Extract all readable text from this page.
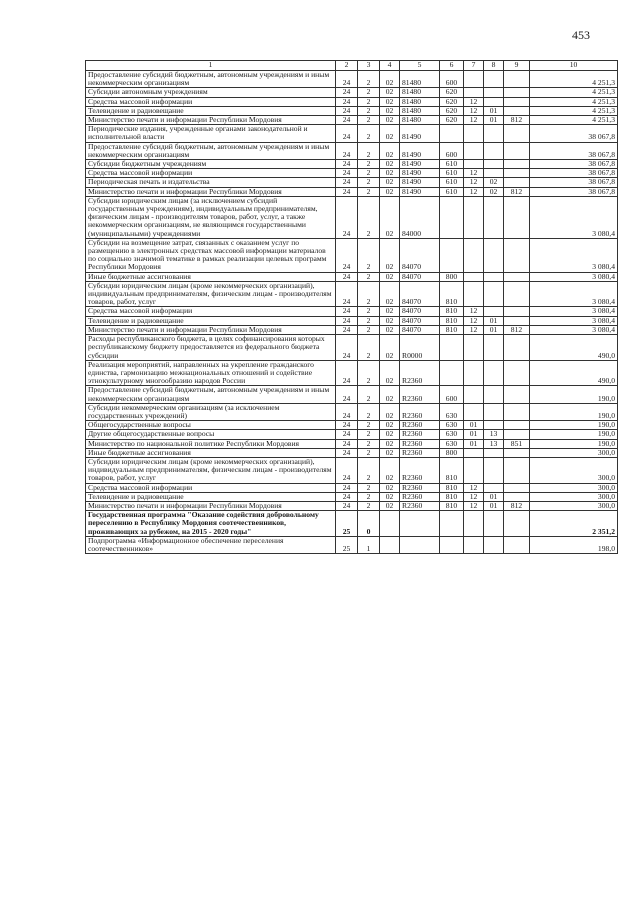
453
1	2	3	4	5	6	7	8	9	10
Предоставление субсидий бюджетным, автономным учреждениям и иным некоммерческим организациям	24	2	02	81480	600				4 251,3
Субсидии автономным учреждениям	24	2	02	81480	620				4 251,3
Средства массовой информации	24	2	02	81480	620	12			4 251,3
Телевидение и радиовещание	24	2	02	81480	620	12	01		4 251,3
Министерство печати и информации Республики Мордовия	24	2	02	81480	620	12	01	812	4 251,3
Периодические издания, учрежденные органами законодательной и исполнительной власти	24	2	02	81490					38 067,8
Предоставление субсидий бюджетным, автономным учреждениям и иным некоммерческим организациям	24	2	02	81490	600				38 067,8
Субсидии бюджетным учреждениям	24	2	02	81490	610				38 067,8
Средства массовой информации	24	2	02	81490	610	12			38 067,8
Периодическая печать и издательства	24	2	02	81490	610	12	02		38 067,8
Министерство печати и информации Республики Мордовия	24	2	02	81490	610	12	02	812	38 067,8
Субсидии юридическим лицам (за исключением субсидий государственным учреждениям), индивидуальным предпринимателям, физическим лицам - производителям товаров, работ, услуг, а также некоммерческим организациям, не являющимся государственными (муниципальными) учреждениями	24	2	02	84000					3 080,4
Субсидии на возмещение затрат, связанных с оказанием услуг по размещению в электронных средствах массовой информации материалов по социально значимой тематике в рамках реализации целевых программ Республики Мордовия	24	2	02	84070					3 080,4
Иные бюджетные ассигнования	24	2	02	84070	800				3 080,4
Субсидии юридическим лицам (кроме некоммерческих организаций), индивидуальным предпринимателям, физическим лицам - производителям товаров, работ, услуг	24	2	02	84070	810				3 080,4
Средства массовой информации	24	2	02	84070	810	12			3 080,4
Телевидение и радиовещание	24	2	02	84070	810	12	01		3 080,4
Министерство печати и информации Республики Мордовия	24	2	02	84070	810	12	01	812	3 080,4
Расходы республиканского бюджета, в целях софинансирования которых республиканскому бюджету предоставляется из федерального бюджета субсидии	24	2	02	R0000					490,0
Реализация мероприятий, направленных на укрепление гражданского единства, гармонизацию межнациональных отношений и содействие этнокультурному многообразию народов России	24	2	02	R2360					490,0
Предоставление субсидий бюджетным, автономным учреждениям и иным некоммерческим организациям	24	2	02	R2360	600				190,0
Субсидии некоммерческим организациям (за исключением государственных учреждений)	24	2	02	R2360	630				190,0
Общегосударственные вопросы	24	2	02	R2360	630	01			190,0
Другие общегосударственные вопросы	24	2	02	R2360	630	01	13		190,0
Министерство по национальной политике Республики Мордовия	24	2	02	R2360	630	01	13	851	190,0
Иные бюджетные ассигнования	24	2	02	R2360	800				300,0
Субсидии юридическим лицам (кроме некоммерческих организаций), индивидуальным предпринимателям, физическим лицам - производителям товаров, работ, услуг	24	2	02	R2360	810				300,0
Средства массовой информации	24	2	02	R2360	810	12			300,0
Телевидение и радиовещание	24	2	02	R2360	810	12	01		300,0
Министерство печати и информации Республики Мордовия	24	2	02	R2360	810	12	01	812	300,0
Государственная программа "Оказание содействия добровольному переселению в Республику Мордовия соотечественников, проживающих за рубежом, на 2015 - 2020 годы"	25	0							2 351,2
Подпрограмма «Информационное обеспечение переселения соотечественников»	25	1							198,0
